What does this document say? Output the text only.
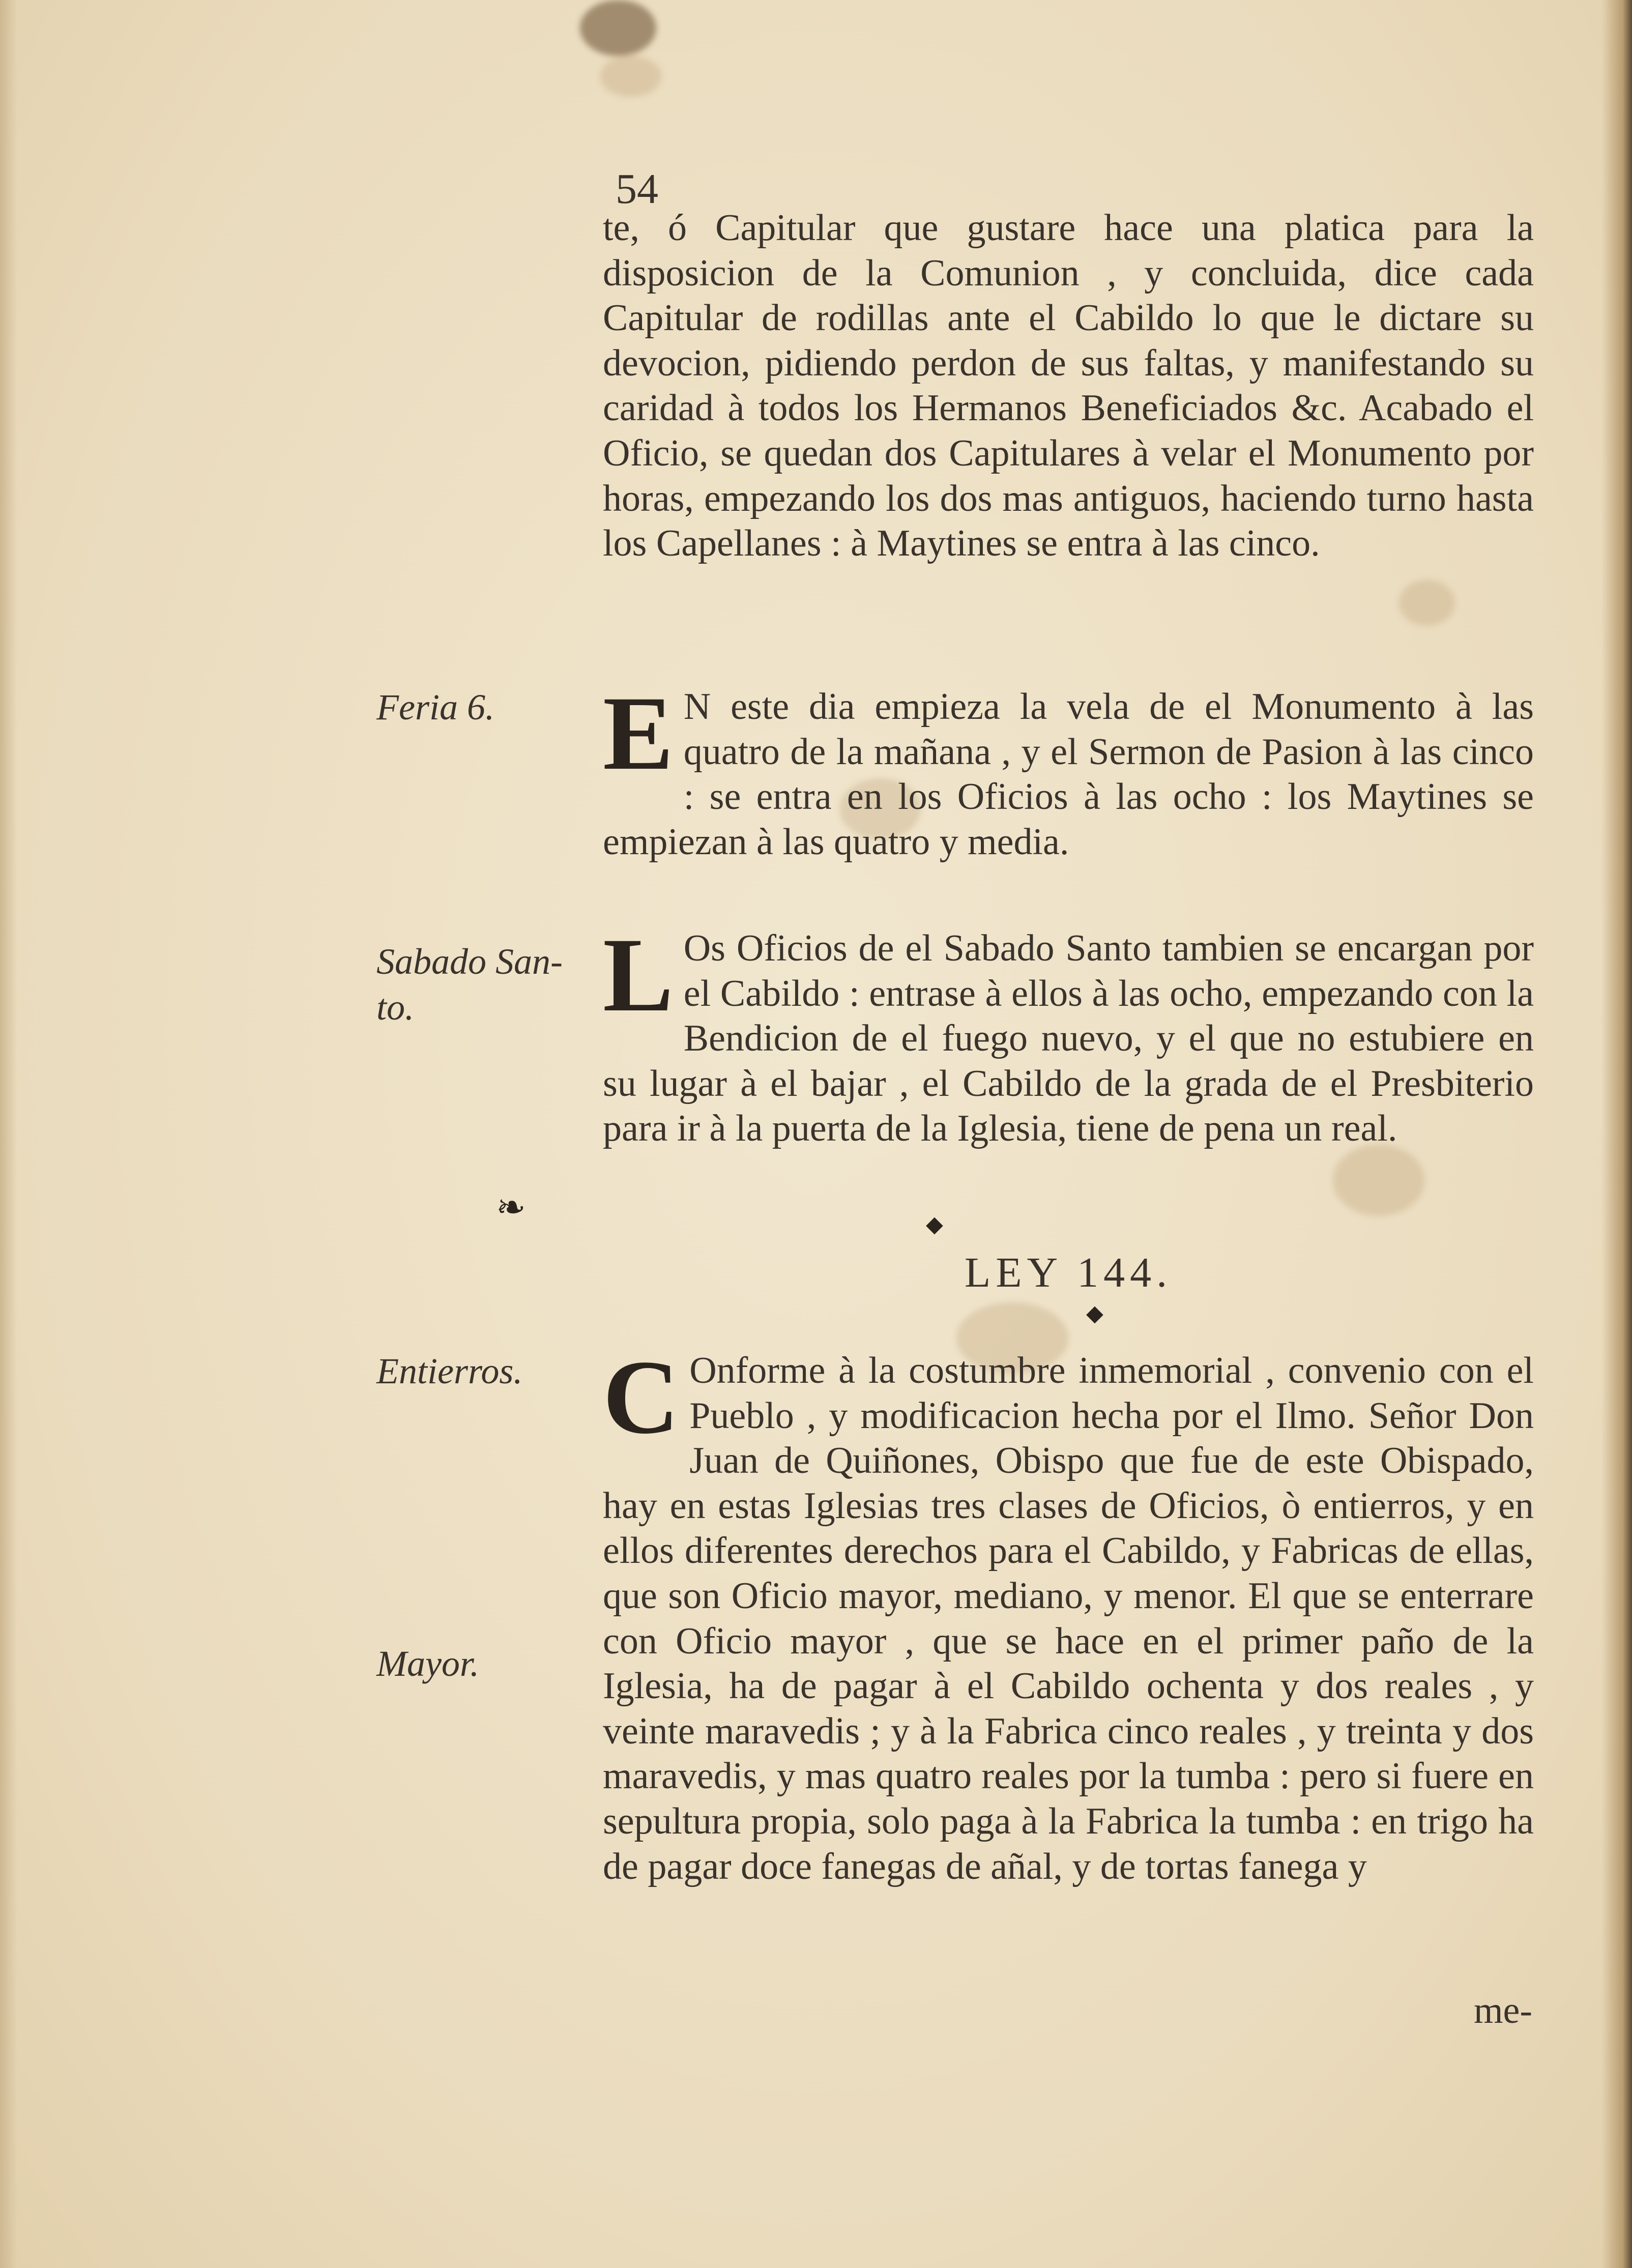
54
te, ó Capitular que gustare hace una platica para la disposicion de la Comunion , y concluida, dice cada Capitular de rodillas ante el Cabildo lo que le dictare su devocion, pidiendo perdon de sus faltas, y manifestando su caridad à todos los Hermanos Beneficiados &c. Acabado el Oficio, se quedan dos Capitulares à velar el Monumento por horas, empezando los dos mas antiguos, haciendo turno hasta los Capellanes : à Maytines se entra à las cinco.
Feria 6.	E N este dia empieza la vela de el Monumento à las quatro de la mañana , y el Sermon de Pasion à las cinco : se entra en los Oficios à las ocho : los Maytines se empiezan à las quatro y media.
Sabado San-
to.	L Os Oficios de el Sabado Santo tambien se encargan por el Cabildo : entrase à ellos à las ocho, empezando con la Bendicion de el fuego nuevo, y el que no estubiere en su lugar à el bajar , el Cabildo de la grada de el Presbiterio para ir à la puerta de la Iglesia, tiene de pena un real.
❧	◆
LEY 144.
◆
Entierros.
Mayor.
C Onforme à la costumbre inmemorial , convenio con el Pueblo , y modificacion hecha por el Ilmo. Señor Don Juan de Quiñones, Obispo que fue de este Obispado, hay en estas Iglesias tres clases de Oficios, ò entierros, y en ellos diferentes derechos para el Cabildo, y Fabricas de ellas, que son Oficio mayor, mediano, y menor. El que se enterrare con Oficio mayor , que se hace en el primer paño de la Iglesia, ha de pagar à el Cabildo ochenta y dos reales , y veinte maravedis ; y à la Fabrica cinco reales , y treinta y dos maravedis, y mas quatro reales por la tumba : pero si fuere en sepultura propia, solo paga à la Fabrica la tumba : en trigo ha de pagar doce fanegas de añal, y de tortas fanega y
me-
